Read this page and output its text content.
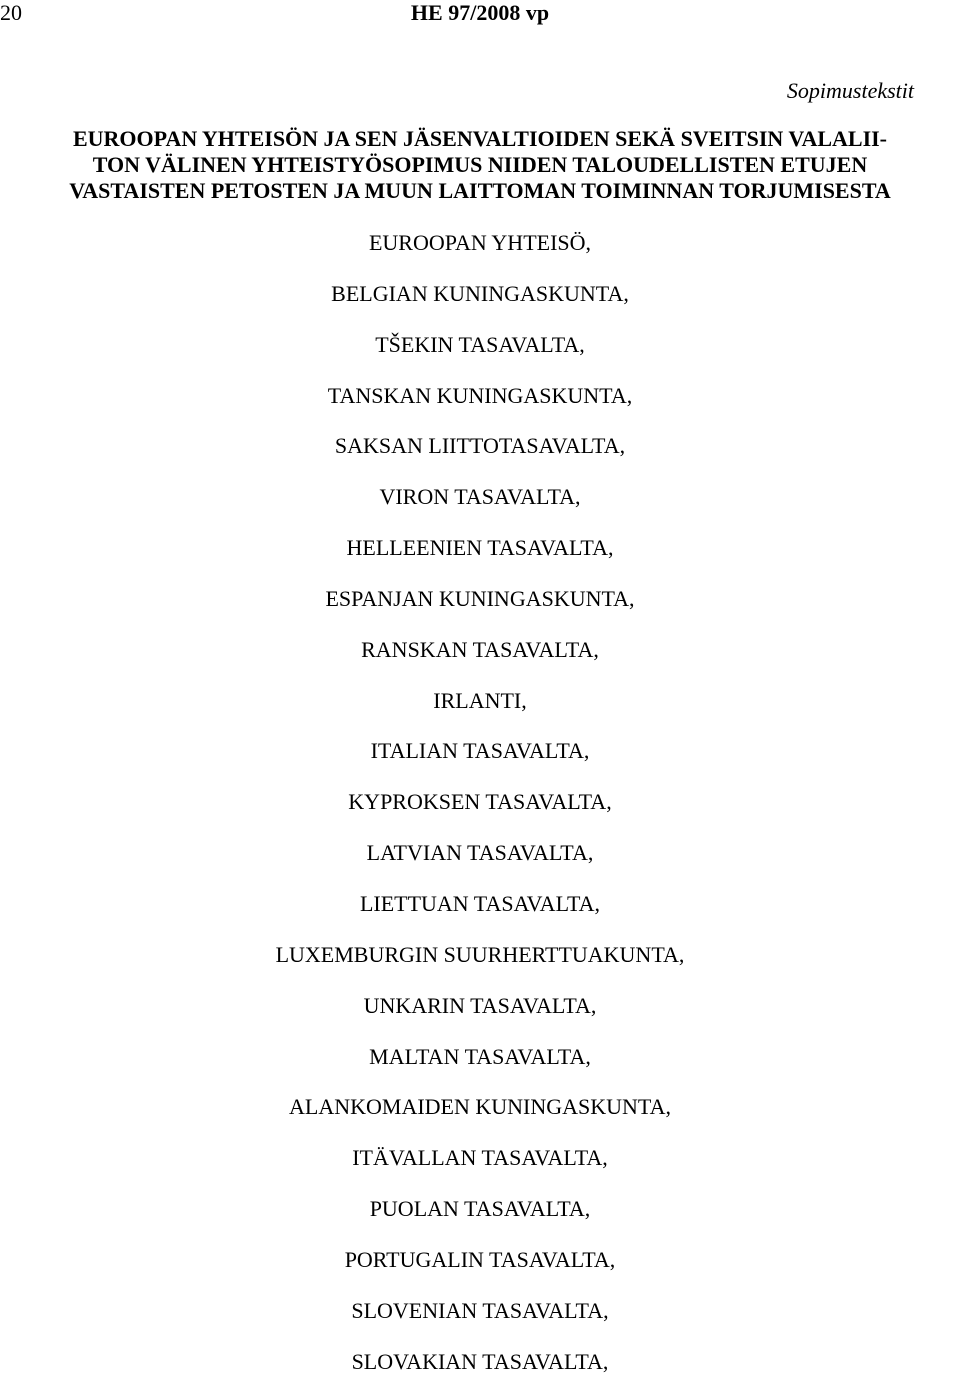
20	HE 97/2008 vp
Sopimustekstit
EUROOPAN YHTEISÖN JA SEN JÄSENVALTIOIDEN SEKÄ SVEITSIN VALALII-
TON VÄLINEN YHTEISTYÖSOPIMUS NIIDEN TALOUDELLISTEN ETUJEN
VASTAISTEN PETOSTEN JA MUUN LAITTOMAN TOIMINNAN TORJUMISESTA
EUROOPAN YHTEISÖ,
BELGIAN KUNINGASKUNTA,
TŠEKIN TASAVALTA,
TANSKAN KUNINGASKUNTA,
SAKSAN LIITTOTASAVALTA,
VIRON TASAVALTA,
HELLEENIEN TASAVALTA,
ESPANJAN KUNINGASKUNTA,
RANSKAN TASAVALTA,
IRLANTI,
ITALIAN TASAVALTA,
KYPROKSEN TASAVALTA,
LATVIAN TASAVALTA,
LIETTUAN TASAVALTA,
LUXEMBURGIN SUURHERTTUAKUNTA,
UNKARIN TASAVALTA,
MALTAN TASAVALTA,
ALANKOMAIDEN KUNINGASKUNTA,
ITÄVALLAN TASAVALTA,
PUOLAN TASAVALTA,
PORTUGALIN TASAVALTA,
SLOVENIAN TASAVALTA,
SLOVAKIAN TASAVALTA,
